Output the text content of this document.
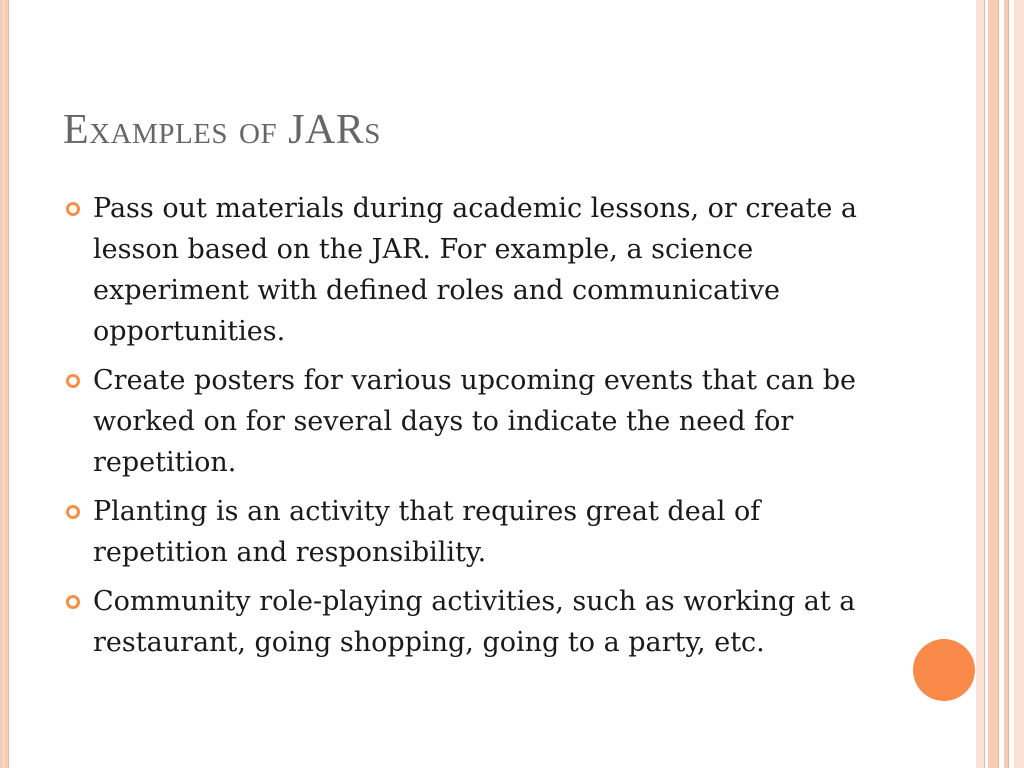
Examples of JARs
Pass out materials during academic lessons, or create a lesson based on the JAR. For example, a science experiment with defined roles and communicative opportunities.
Create posters for various upcoming events that can be worked on for several days to indicate the need for repetition.
Planting is an activity that requires great deal of repetition and responsibility.
Community role-playing activities, such as working at a restaurant, going shopping, going to a party, etc.
